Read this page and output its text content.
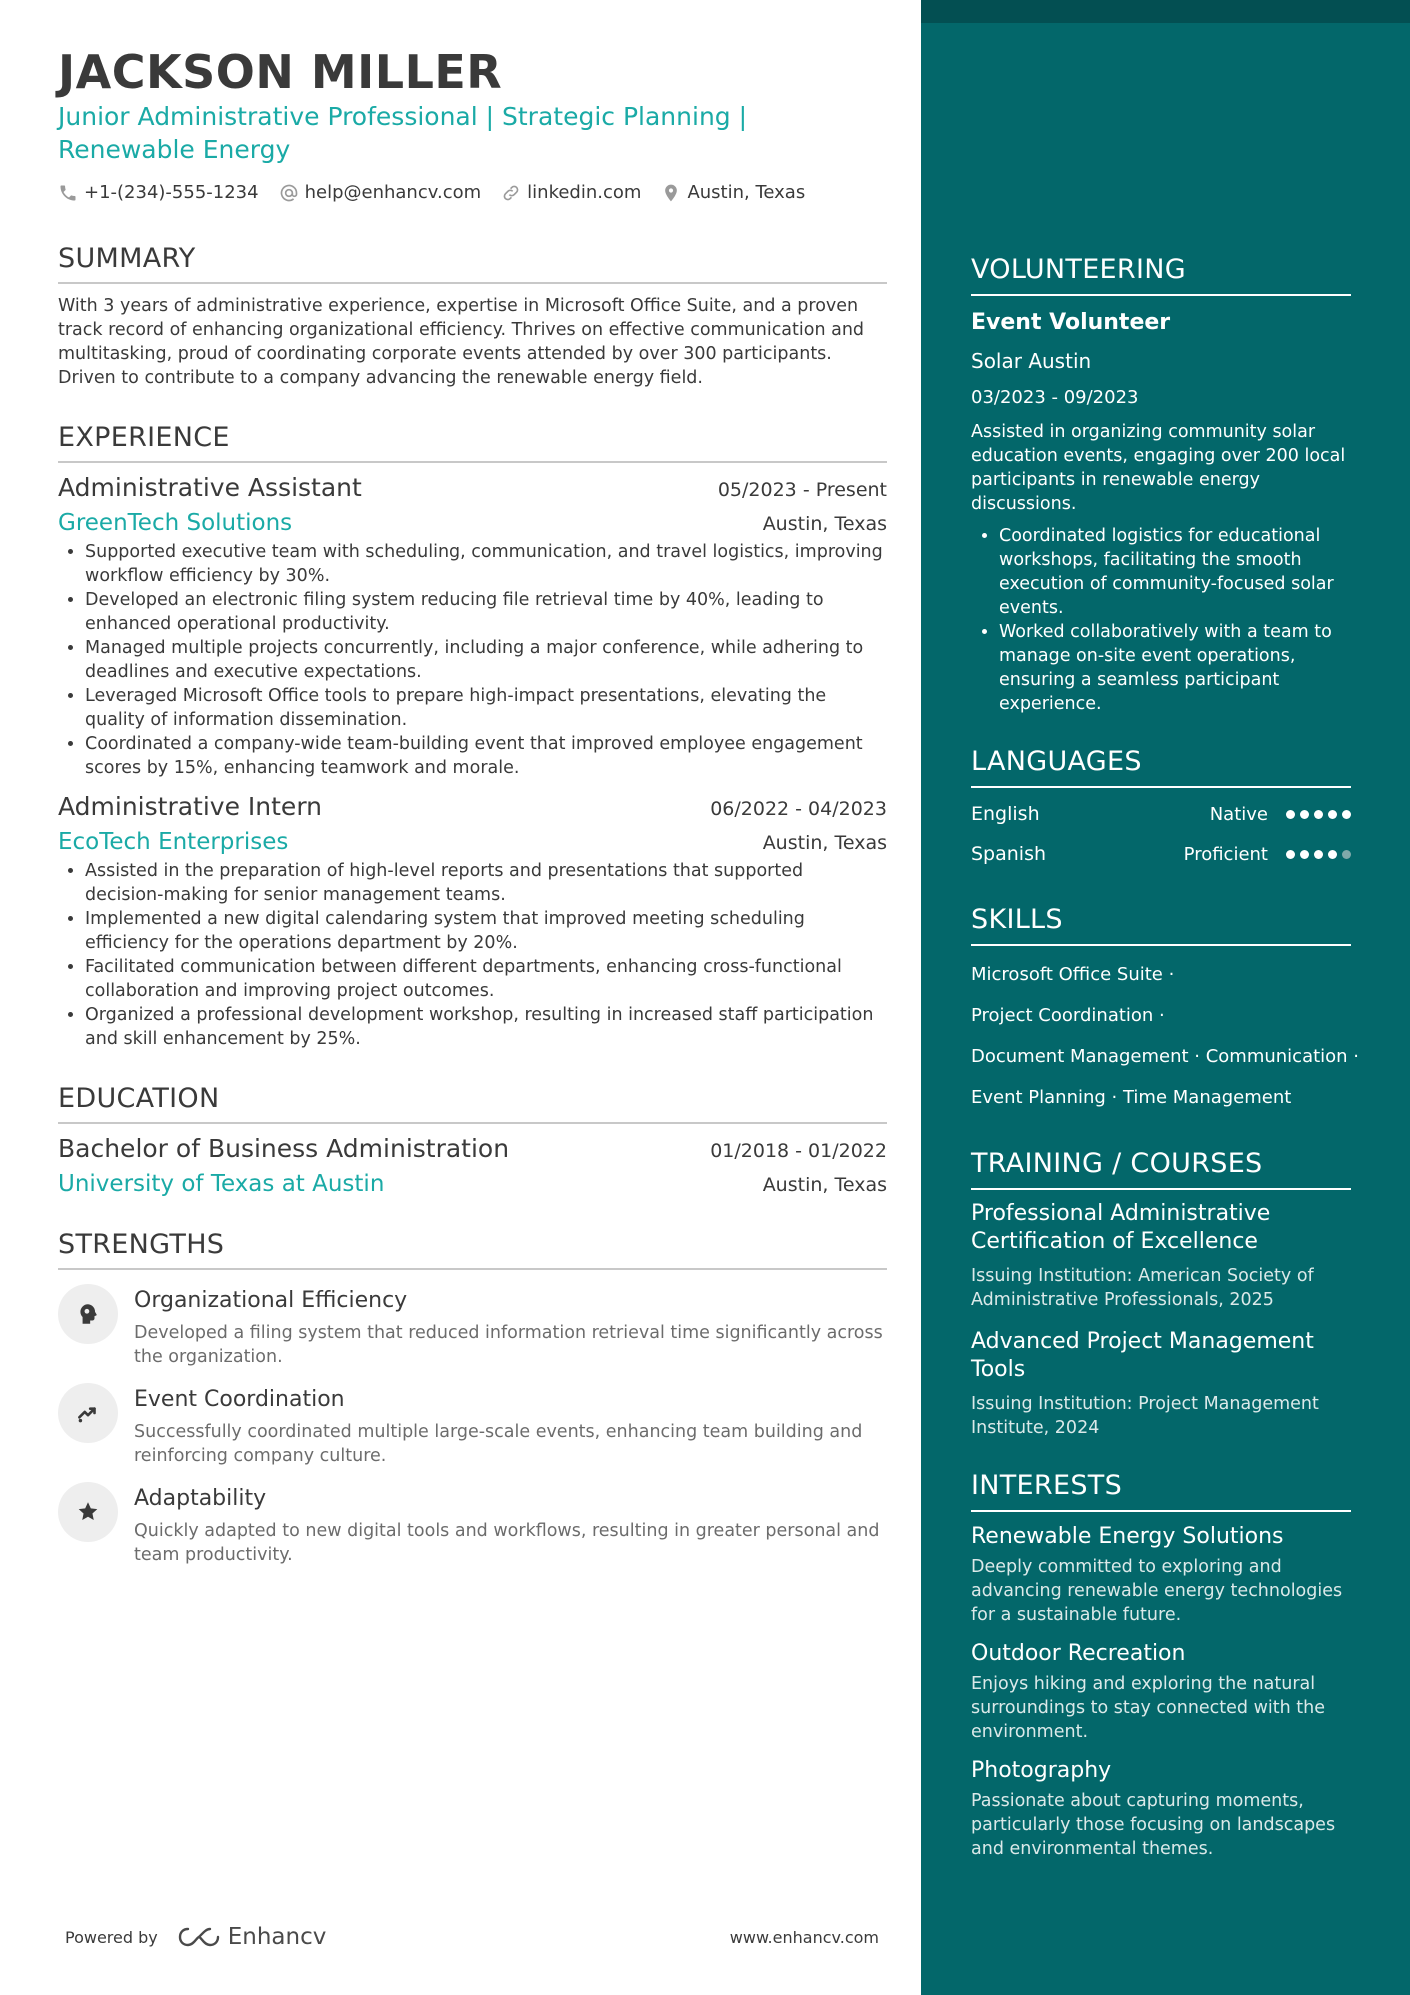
JACKSON MILLER
Junior Administrative Professional | Strategic Planning | Renewable Energy
+1-(234)-555-1234	help@enhancv.com	linkedin.com	Austin, Texas
SUMMARY
With 3 years of administrative experience, expertise in Microsoft Office Suite, and a proven track record of enhancing organizational efficiency. Thrives on effective communication and multitasking, proud of coordinating corporate events attended by over 300 participants. Driven to contribute to a company advancing the renewable energy field.
EXPERIENCE
Administrative Assistant	05/2023 - Present
GreenTech Solutions	Austin, Texas
• Supported executive team with scheduling, communication, and travel logistics, improving workflow efficiency by 30%.
• Developed an electronic filing system reducing file retrieval time by 40%, leading to enhanced operational productivity.
• Managed multiple projects concurrently, including a major conference, while adhering to deadlines and executive expectations.
• Leveraged Microsoft Office tools to prepare high-impact presentations, elevating the quality of information dissemination.
• Coordinated a company-wide team-building event that improved employee engagement scores by 15%, enhancing teamwork and morale.
Administrative Intern	06/2022 - 04/2023
EcoTech Enterprises	Austin, Texas
• Assisted in the preparation of high-level reports and presentations that supported decision-making for senior management teams.
• Implemented a new digital calendaring system that improved meeting scheduling efficiency for the operations department by 20%.
• Facilitated communication between different departments, enhancing cross-functional collaboration and improving project outcomes.
• Organized a professional development workshop, resulting in increased staff participation and skill enhancement by 25%.
EDUCATION
Bachelor of Business Administration	01/2018 - 01/2022
University of Texas at Austin	Austin, Texas
STRENGTHS
Organizational Efficiency
Developed a filing system that reduced information retrieval time significantly across the organization.
Event Coordination
Successfully coordinated multiple large-scale events, enhancing team building and reinforcing company culture.
Adaptability
Quickly adapted to new digital tools and workflows, resulting in greater personal and team productivity.
Powered by	Enhancv	www.enhancv.com
VOLUNTEERING
Event Volunteer
Solar Austin
03/2023 - 09/2023
Assisted in organizing community solar education events, engaging over 200 local participants in renewable energy discussions.
• Coordinated logistics for educational workshops, facilitating the smooth execution of community-focused solar events.
• Worked collaboratively with a team to manage on-site event operations, ensuring a seamless participant experience.
LANGUAGES
English	Native
Spanish	Proficient
SKILLS
Microsoft Office Suite ·
Project Coordination ·
Document Management · Communication ·
Event Planning · Time Management
TRAINING / COURSES
Professional Administrative Certification of Excellence
Issuing Institution: American Society of Administrative Professionals, 2025
Advanced Project Management Tools
Issuing Institution: Project Management Institute, 2024
INTERESTS
Renewable Energy Solutions
Deeply committed to exploring and advancing renewable energy technologies for a sustainable future.
Outdoor Recreation
Enjoys hiking and exploring the natural surroundings to stay connected with the environment.
Photography
Passionate about capturing moments, particularly those focusing on landscapes and environmental themes.
